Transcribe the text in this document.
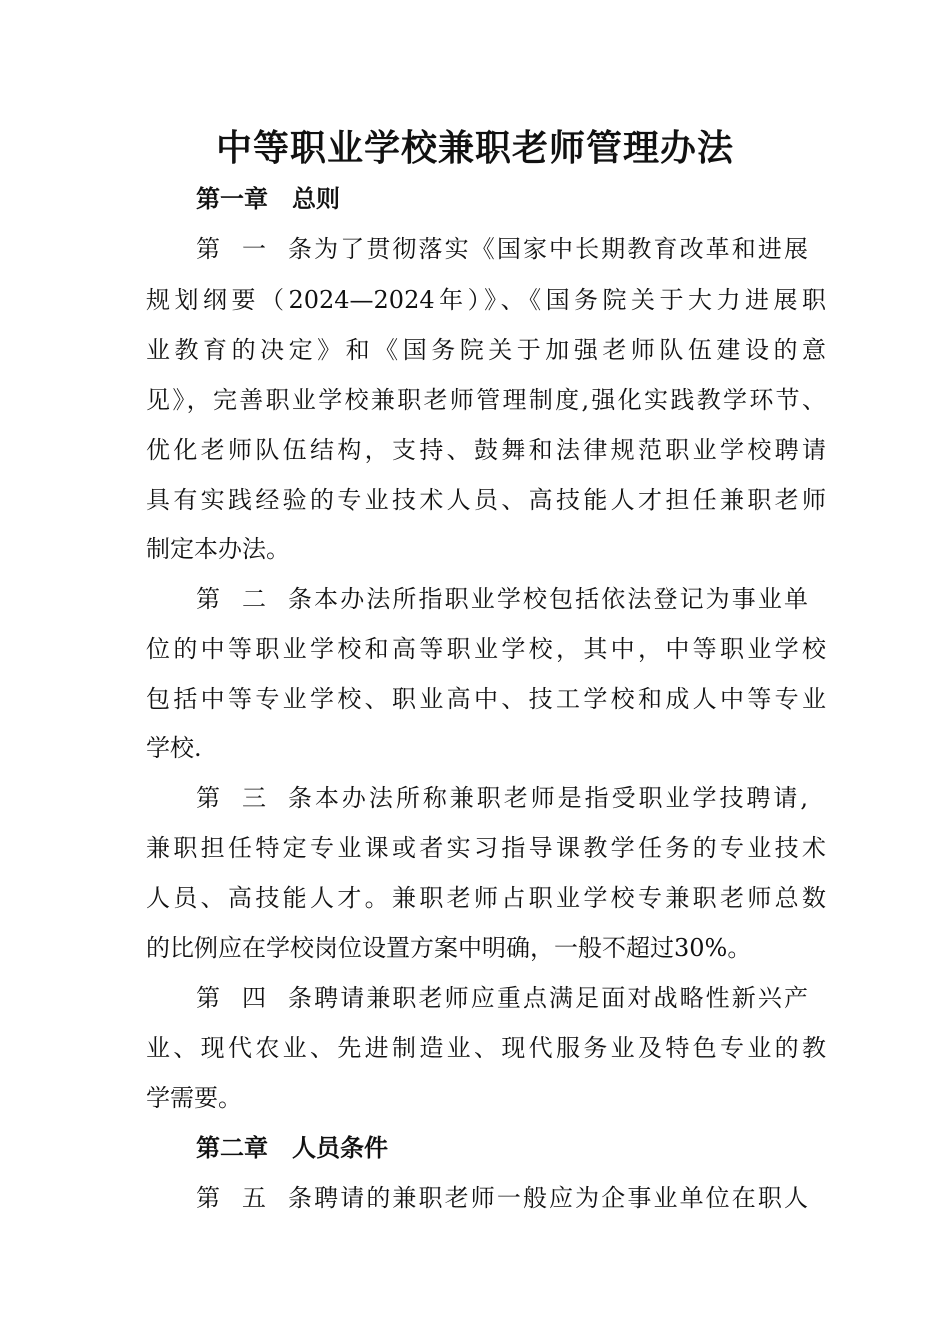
中等职业学校兼职老师管理办法
第一章　总则
第一条为了贯彻落实《国家中长期教育改革和进展
规划纲要（2024—2024年）》、《国务院关于大力进展职
业教育的决定》和《国务院关于加强老师队伍建设的意
见》，完善职业学校兼职老师管理制度,强化实践教学环节、
优化老师队伍结构，支持、鼓舞和法律规范职业学校聘请
具有实践经验的专业技术人员、高技能人才担任兼职老师
制定本办法。
第二条本办法所指职业学校包括依法登记为事业单
位的中等职业学校和高等职业学校，其中，中等职业学校
包括中等专业学校、职业高中、技工学校和成人中等专业
学校.
第三条本办法所称兼职老师是指受职业学技聘请,
兼职担任特定专业课或者实习指导课教学任务的专业技术
人员、高技能人才。兼职老师占职业学校专兼职老师总数
的比例应在学校岗位设置方案中明确，一般不超过30%。
第四条聘请兼职老师应重点满足面对战略性新兴产
业、现代农业、先进制造业、现代服务业及特色专业的教
学需要。
第二章　人员条件
第五条聘请的兼职老师一般应为企事业单位在职人
